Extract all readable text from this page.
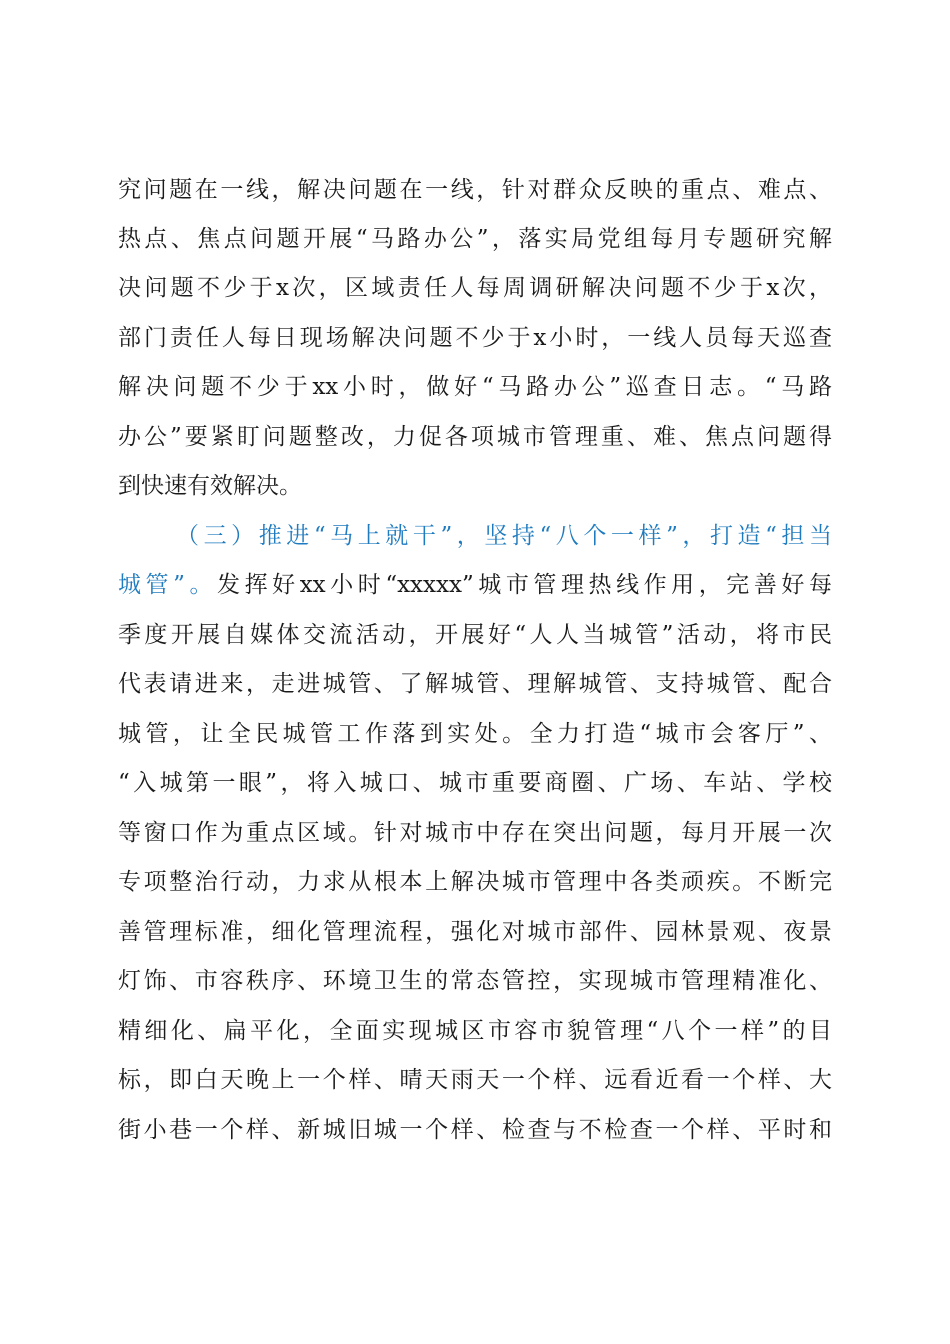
究问题在一线，解决问题在一线，针对群众反映的重点、难点、
热点、焦点问题开展“马路办公”，落实局党组每月专题研究解
决问题不少于x次，区域责任人每周调研解决问题不少于x次，
部门责任人每日现场解决问题不少于x小时，一线人员每天巡查
解决问题不少于xx小时，做好“马路办公”巡查日志。“马路
办公”要紧盯问题整改，力促各项城市管理重、难、焦点问题得
到快速有效解决。
（三）推进“马上就干”，坚持“八个一样”，打造“担当
城管”。发挥好xx小时“xxxxx”城市管理热线作用，完善好每
季度开展自媒体交流活动，开展好“人人当城管”活动，将市民
代表请进来，走进城管、了解城管、理解城管、支持城管、配合
城管，让全民城管工作落到实处。全力打造“城市会客厅”、
“入城第一眼”，将入城口、城市重要商圈、广场、车站、学校
等窗口作为重点区域。针对城市中存在突出问题，每月开展一次
专项整治行动，力求从根本上解决城市管理中各类顽疾。不断完
善管理标准，细化管理流程，强化对城市部件、园林景观、夜景
灯饰、市容秩序、环境卫生的常态管控，实现城市管理精准化、
精细化、扁平化，全面实现城区市容市貌管理“八个一样”的目
标，即白天晚上一个样、晴天雨天一个样、远看近看一个样、大
街小巷一个样、新城旧城一个样、检查与不检查一个样、平时和
